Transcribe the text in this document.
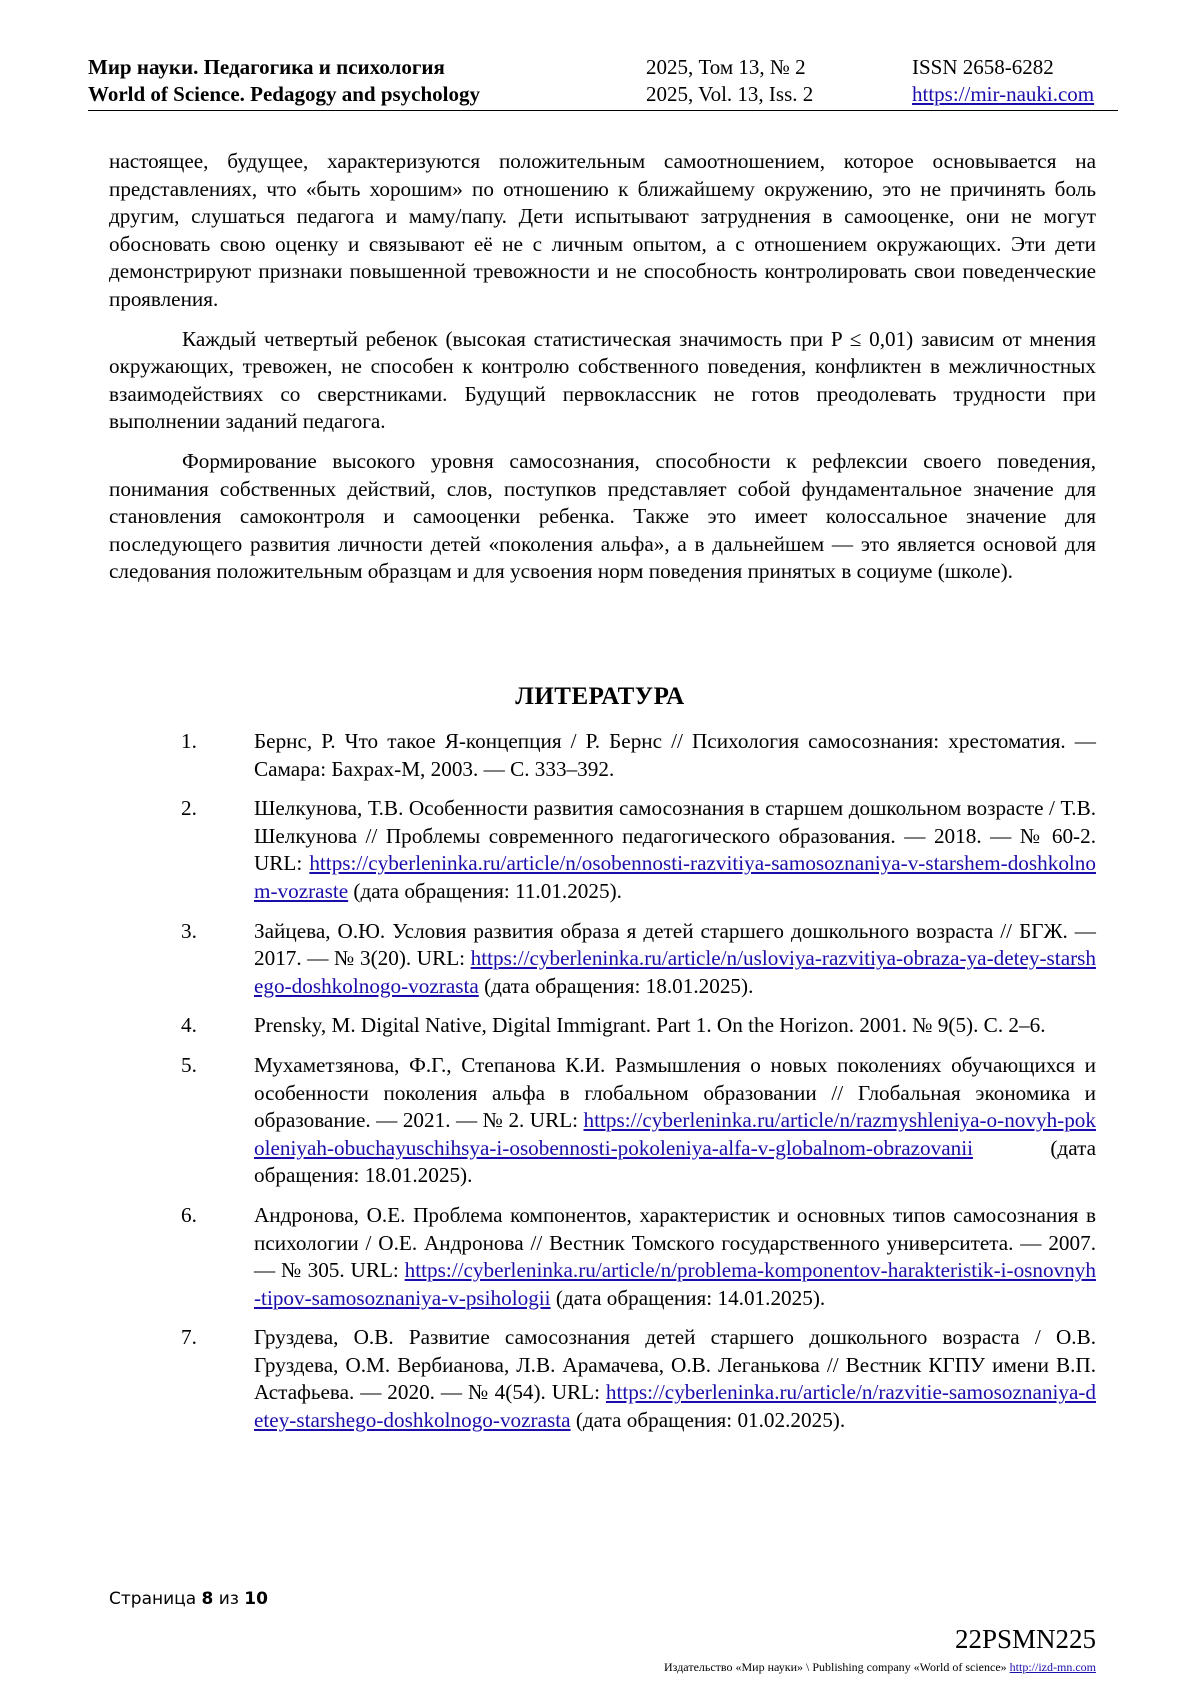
Мир науки. Педагогика и психология
World of Science. Pedagogy and psychology
2025, Том 13, № 2
2025, Vol. 13, Iss. 2
ISSN 2658-6282
https://mir-nauki.com

настоящее, будущее, характеризуются положительным самоотношением, которое основывается на представлениях, что «быть хорошим» по отношению к ближайшему окружению, это не причинять боль другим, слушаться педагога и маму/папу. Дети испытывают затруднения в самооценке, они не могут обосновать свою оценку и связывают её не с личным опытом, а с отношением окружающих. Эти дети демонстрируют признаки повышенной тревожности и не способность контролировать свои поведенческие проявления.

Каждый четвертый ребенок (высокая статистическая значимость при P ≤ 0,01) зависим от мнения окружающих, тревожен, не способен к контролю собственного поведения, конфликтен в межличностных взаимодействиях со сверстниками. Будущий первоклассник не готов преодолевать трудности при выполнении заданий педагога.

Формирование высокого уровня самосознания, способности к рефлексии своего поведения, понимания собственных действий, слов, поступков представляет собой фундаментальное значение для становления самоконтроля и самооценки ребенка. Также это имеет колоссальное значение для последующего развития личности детей «поколения альфа», а в дальнейшем — это является основой для следования положительным образцам и для усвоения норм поведения принятых в социуме (школе).

ЛИТЕРАТУРА
1.	Бернс, Р. Что такое Я-концепция / Р. Бернс // Психология самосознания: хрестоматия. — Самара: Бахрах-М, 2003. — С. 333–392.
2.	Шелкунова, Т.В. Особенности развития самосознания в старшем дошкольном возрасте / Т.В. Шелкунова // Проблемы современного педагогического образования. — 2018. — № 60-2. URL: https://cyberleninka.ru/article/n/osobennosti-razvitiya-samosoznaniya-v-starshem-doshkolnom-vozraste (дата обращения: 11.01.2025).
3.	Зайцева, О.Ю. Условия развития образа я детей старшего дошкольного возраста // БГЖ. — 2017. — № 3(20). URL: https://cyberleninka.ru/article/n/usloviya-razvitiya-obraza-ya-detey-starshego-doshkolnogo-vozrasta (дата обращения: 18.01.2025).
4.	Prensky, M. Digital Native, Digital Immigrant. Part 1. On the Horizon. 2001. № 9(5). С. 2–6.
5.	Мухаметзянова, Ф.Г., Степанова К.И. Размышления о новых поколениях обучающихся и особенности поколения альфа в глобальном образовании // Глобальная экономика и образование. — 2021. — № 2. URL: https://cyberleninka.ru/article/n/razmyshleniya-o-novyh-pokoleniyah-obuchayuschihsya-i-osobennosti-pokoleniya-alfa-v-globalnom-obrazovanii (дата обращения: 18.01.2025).
6.	Андронова, О.Е. Проблема компонентов, характеристик и основных типов самосознания в психологии / О.Е. Андронова // Вестник Томского государственного университета. — 2007. — № 305. URL: https://cyberleninka.ru/article/n/problema-komponentov-harakteristik-i-osnovnyh-tipov-samosoznaniya-v-psihologii (дата обращения: 14.01.2025).
7.	Груздева, О.В. Развитие самосознания детей старшего дошкольного возраста / О.В. Груздева, О.М. Вербианова, Л.В. Арамачева, О.В. Леганькова // Вестник КГПУ имени В.П. Астафьева. — 2020. — № 4(54). URL: https://cyberleninka.ru/article/n/razvitie-samosoznaniya-detey-starshego-doshkolnogo-vozrasta (дата обращения: 01.02.2025).
Страница 8 из 10
22PSMN225
Издательство «Мир науки» \ Publishing company «World of science» http://izd-mn.com
